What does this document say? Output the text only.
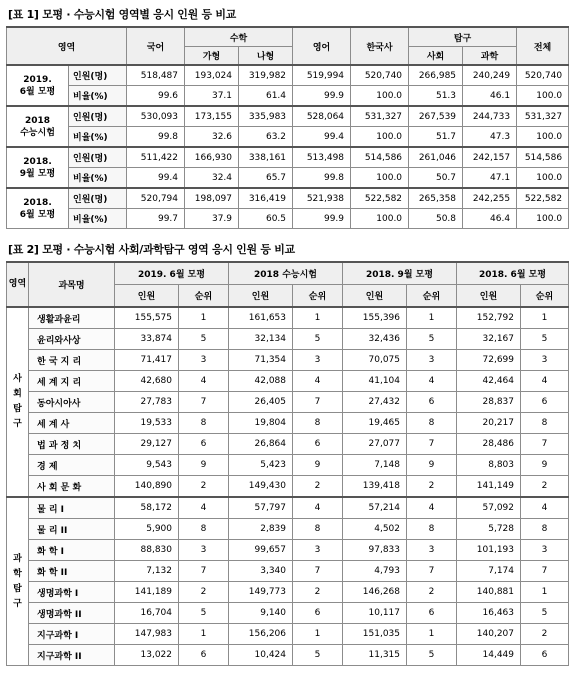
[표 1] 모평 · 수능시험 영역별 응시 인원 등 비교
영역		국어	수학		영어	한국사	탐구		전체
			가형	나형			사회	과학	
2019.
6월 모평	인원(명)	518,487	193,024	319,982	519,994	520,740	266,985	240,249	520,740
	비율(%)	99.6	37.1	61.4	99.9	100.0	51.3	46.1	100.0
2018
수능시험	인원(명)	530,093	173,155	335,983	528,064	531,327	267,539	244,733	531,327
	비율(%)	99.8	32.6	63.2	99.4	100.0	51.7	47.3	100.0
2018.
9월 모평	인원(명)	511,422	166,930	338,161	513,498	514,586	261,046	242,157	514,586
	비율(%)	99.4	32.4	65.7	99.8	100.0	50.7	47.1	100.0
2018.
6월 모평	인원(명)	520,794	198,097	316,419	521,938	522,582	265,358	242,255	522,582
	비율(%)	99.7	37.9	60.5	99.9	100.0	50.8	46.4	100.0
[표 2] 모평 · 수능시험 사회/과학탐구 영역 응시 인원 등 비교
영역	과목명	2019. 6월 모평		2018 수능시험		2018. 9월 모평		2018. 6월 모평	
		인원	순위	인원	순위	인원	순위	인원	순위
사
회
탐
구	생활과윤리	155,575	1	161,653	1	155,396	1	152,792	1
	윤리와사상	33,874	5	32,134	5	32,436	5	32,167	5
	한 국 지 리	71,417	3	71,354	3	70,075	3	72,699	3
	세 계 지 리	42,680	4	42,088	4	41,104	4	42,464	4
	동아시아사	27,783	7	26,405	7	27,432	6	28,837	6
	세 계 사	19,533	8	19,804	8	19,465	8	20,217	8
	법 과 정 치	29,127	6	26,864	6	27,077	7	28,486	7
	경 제	9,543	9	5,423	9	7,148	9	8,803	9
	사 회 문 화	140,890	2	149,430	2	139,418	2	141,149	2
과
학
탐
구	물 리 I	58,172	4	57,797	4	57,214	4	57,092	4
	물 리 II	5,900	8	2,839	8	4,502	8	5,728	8
	화 학 I	88,830	3	99,657	3	97,833	3	101,193	3
	화 학 II	7,132	7	3,340	7	4,793	7	7,174	7
	생명과학 I	141,189	2	149,773	2	146,268	2	140,881	1
	생명과학 II	16,704	5	9,140	6	10,117	6	16,463	5
	지구과학 I	147,983	1	156,206	1	151,035	1	140,207	2
	지구과학 II	13,022	6	10,424	5	11,315	5	14,449	6
